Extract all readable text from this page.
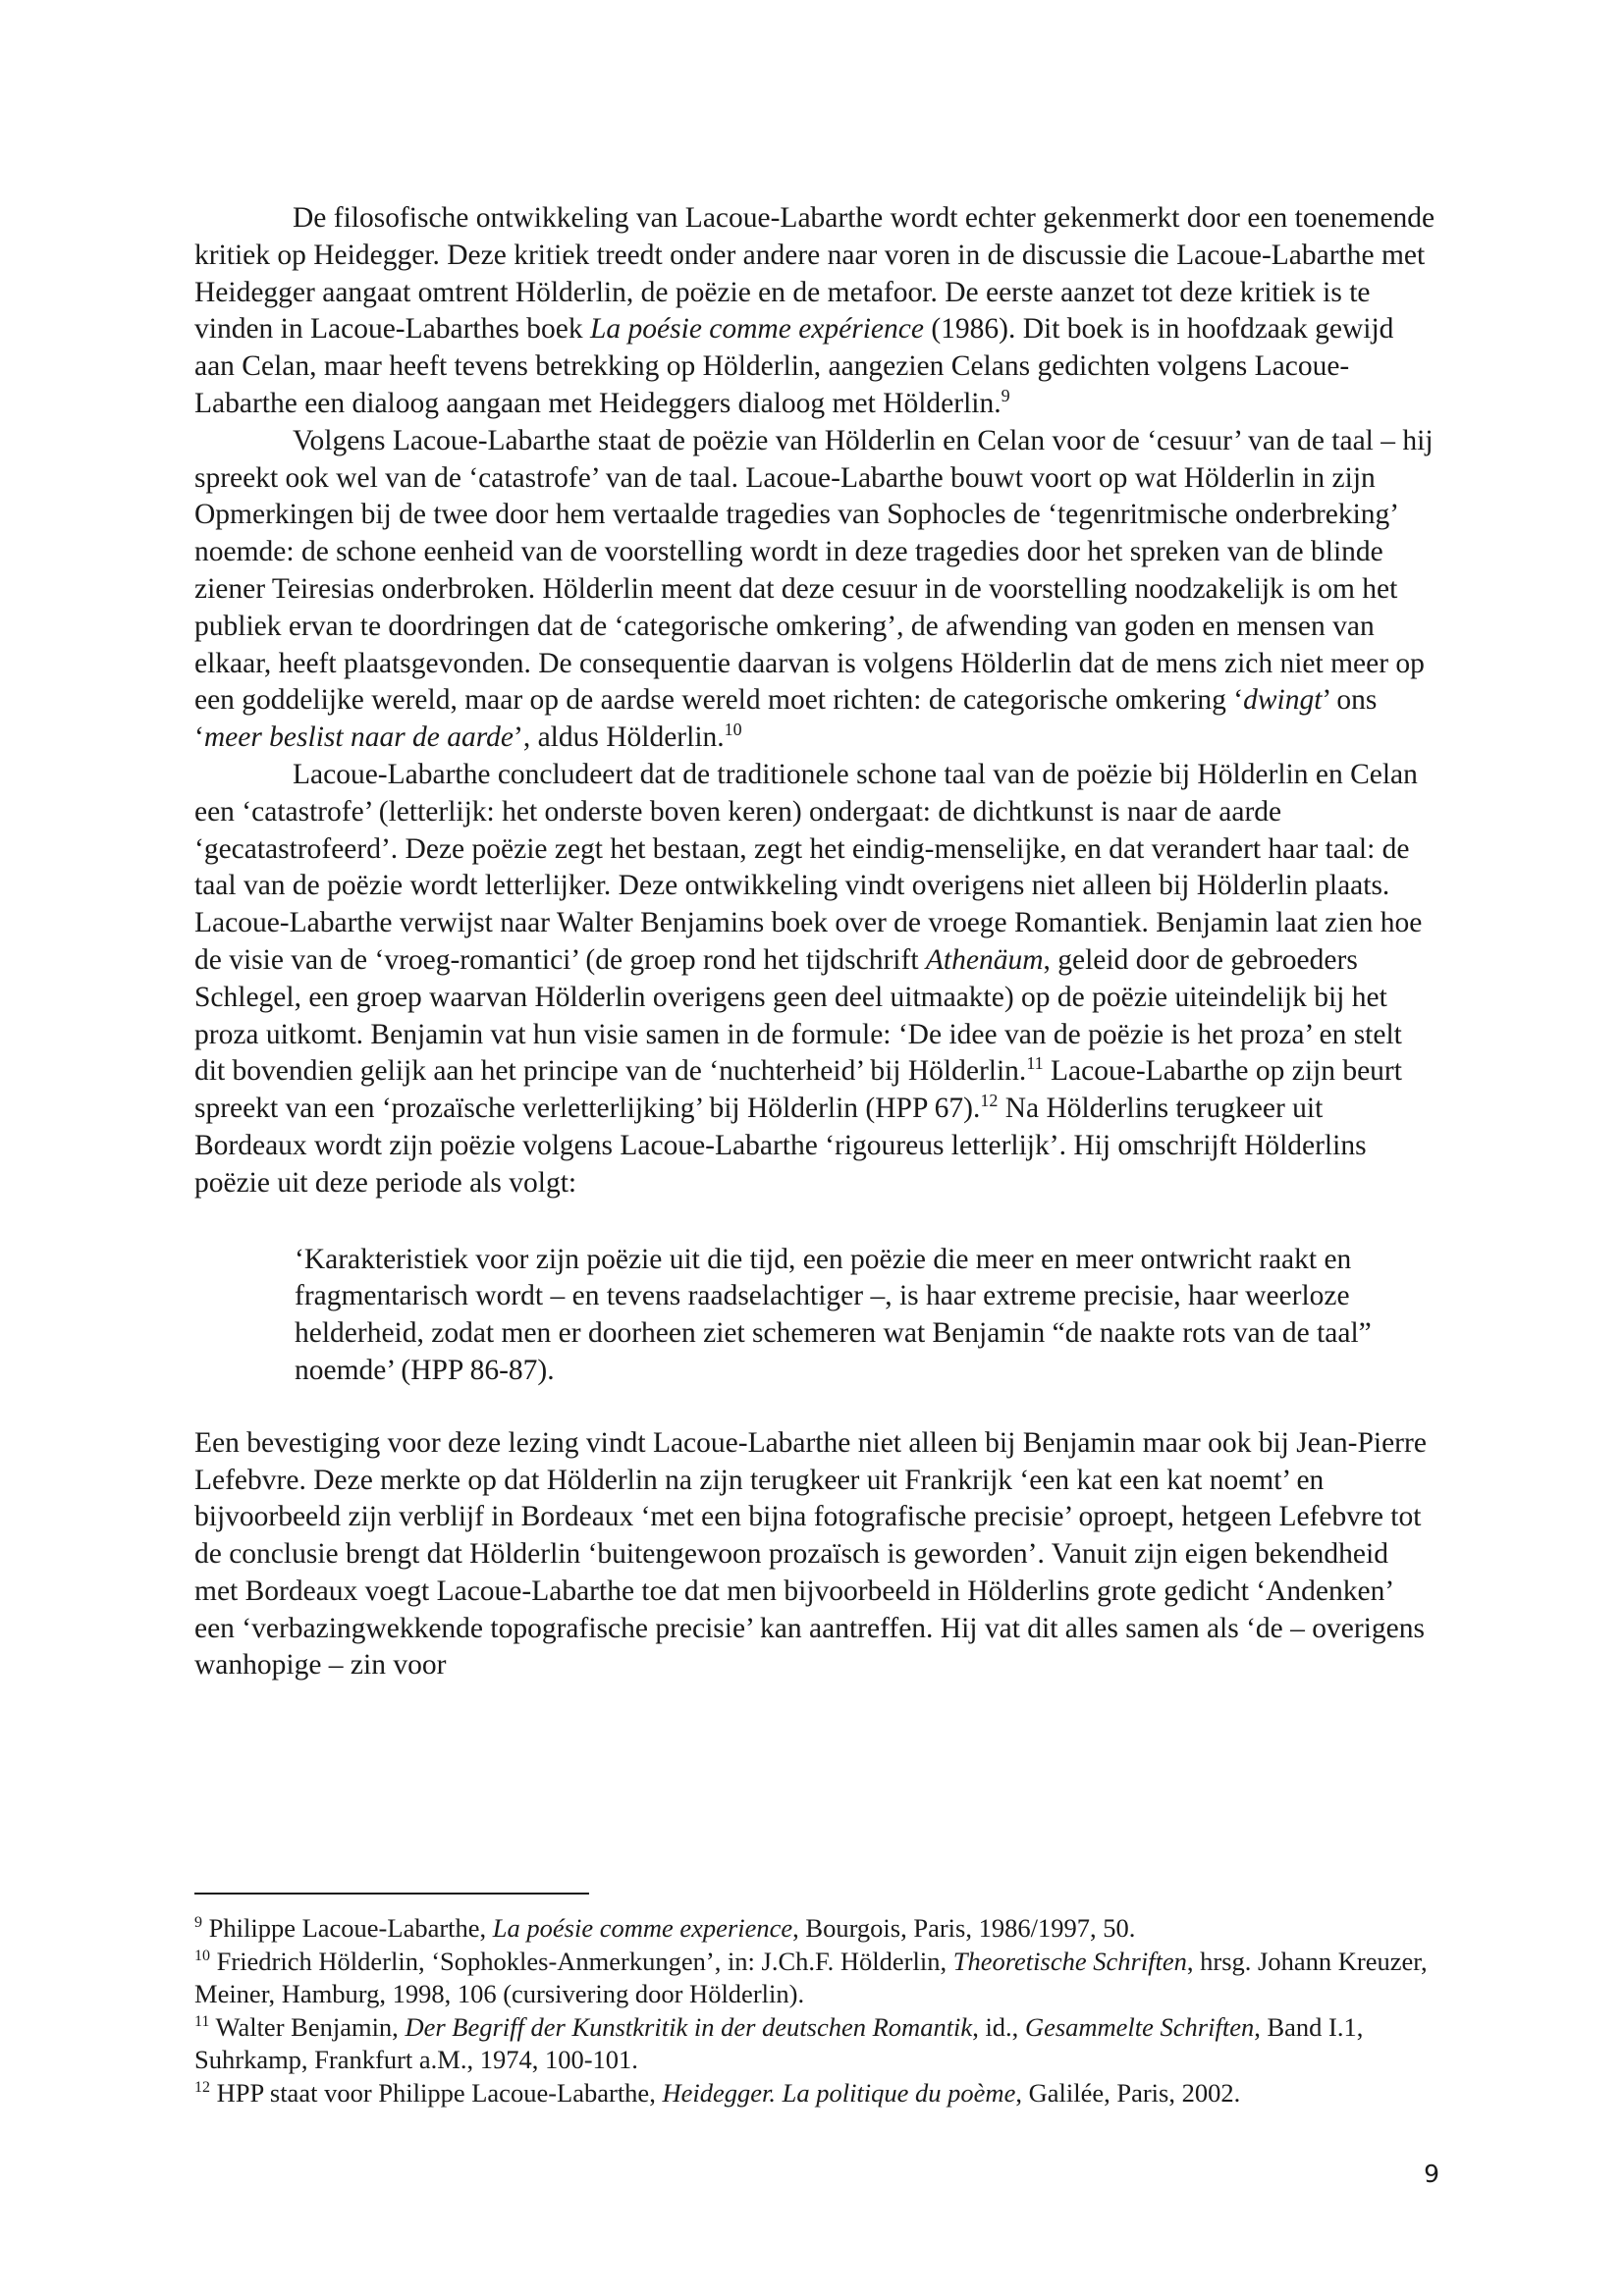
De filosofische ontwikkeling van Lacoue-Labarthe wordt echter gekenmerkt door een toenemende kritiek op Heidegger. Deze kritiek treedt onder andere naar voren in de discussie die Lacoue-Labarthe met Heidegger aangaat omtrent Hölderlin, de poëzie en de metafoor. De eerste aanzet tot deze kritiek is te vinden in Lacoue-Labarthes boek La poésie comme expérience (1986). Dit boek is in hoofdzaak gewijd aan Celan, maar heeft tevens betrekking op Hölderlin, aangezien Celans gedichten volgens Lacoue-Labarthe een dialoog aangaan met Heideggers dialoog met Hölderlin.$^9$

Volgens Lacoue-Labarthe staat de poëzie van Hölderlin en Celan voor de ‘cesuur’ van de taal – hij spreekt ook wel van de ‘catastrofe’ van de taal. Lacoue-Labarthe bouwt voort op wat Hölderlin in zijn Opmerkingen bij de twee door hem vertaalde tragedies van Sophocles de ‘tegenritmische onderbreking’ noemde: de schone eenheid van de voorstelling wordt in deze tragedies door het spreken van de blinde ziener Teiresias onderbroken. Hölderlin meent dat deze cesuur in de voorstelling noodzakelijk is om het publiek ervan te doordringen dat de ‘categorische omkering’, de afwending van goden en mensen van elkaar, heeft plaatsgevonden. De consequentie daarvan is volgens Hölderlin dat de mens zich niet meer op een goddelijke wereld, maar op de aardse wereld moet richten: de categorische omkering ‘dwingt’ ons ‘meer beslist naar de aarde’, aldus Hölderlin.$^{10}$

Lacoue-Labarthe concludeert dat de traditionele schone taal van de poëzie bij Hölderlin en Celan een ‘catastrofe’ (letterlijk: het onderste boven keren) ondergaat: de dichtkunst is naar de aarde ‘gecatastrofeerd’. Deze poëzie zegt het bestaan, zegt het eindig-menselijke, en dat verandert haar taal: de taal van de poëzie wordt letterlijker. Deze ontwikkeling vindt overigens niet alleen bij Hölderlin plaats. Lacoue-Labarthe verwijst naar Walter Benjamins boek over de vroege Romantiek. Benjamin laat zien hoe de visie van de ‘vroeg-romantici’ (de groep rond het tijdschrift Athenäum, geleid door de gebroeders Schlegel, een groep waarvan Hölderlin overigens geen deel uitmaakte) op de poëzie uiteindelijk bij het proza uitkomt. Benjamin vat hun visie samen in de formule: ‘De idee van de poëzie is het proza’ en stelt dit bovendien gelijk aan het principe van de ‘nuchterheid’ bij Hölderlin.$^{11}$ Lacoue-Labarthe op zijn beurt spreekt van een ‘prozaïsche verletterlijking’ bij Hölderlin (HPP 67).$^{12}$ Na Hölderlins terugkeer uit Bordeaux wordt zijn poëzie volgens Lacoue-Labarthe ‘rigoureus letterlijk’. Hij omschrijft Hölderlins poëzie uit deze periode als volgt:

‘Karakteristiek voor zijn poëzie uit die tijd, een poëzie die meer en meer ontwricht raakt en fragmentarisch wordt – en tevens raadselachtiger –, is haar extreme precisie, haar weerloze helderheid, zodat men er doorheen ziet schemeren wat Benjamin “de naakte rots van de taal” noemde’ (HPP 86-87).

Een bevestiging voor deze lezing vindt Lacoue-Labarthe niet alleen bij Benjamin maar ook bij Jean-Pierre Lefebvre. Deze merkte op dat Hölderlin na zijn terugkeer uit Frankrijk ‘een kat een kat noemt’ en bijvoorbeeld zijn verblijf in Bordeaux ‘met een bijna fotografische precisie’ oproept, hetgeen Lefebvre tot de conclusie brengt dat Hölderlin ‘buitengewoon prozaïsch is geworden’. Vanuit zijn eigen bekendheid met Bordeaux voegt Lacoue-Labarthe toe dat men bijvoorbeeld in Hölderlins grote gedicht ‘Andenken’ een ‘verbazingwekkende topografische precisie’ kan aantreffen. Hij vat dit alles samen als ‘de – overigens wanhopige – zin voor

$^9$ Philippe Lacoue-Labarthe, La poésie comme experience, Bourgois, Paris, 1986/1997, 50.

$^{10}$ Friedrich Hölderlin, ‘Sophokles-Anmerkungen’, in: J.Ch.F. Hölderlin, Theoretische Schriften, hrsg. Johann Kreuzer, Meiner, Hamburg, 1998, 106 (cursivering door Hölderlin).

$^{11}$ Walter Benjamin, Der Begriff der Kunstkritik in der deutschen Romantik, id., Gesammelte Schriften, Band I.1, Suhrkamp, Frankfurt a.M., 1974, 100-101.

$^{12}$ HPP staat voor Philippe Lacoue-Labarthe, Heidegger. La politique du poème, Galilée, Paris, 2002.

9
